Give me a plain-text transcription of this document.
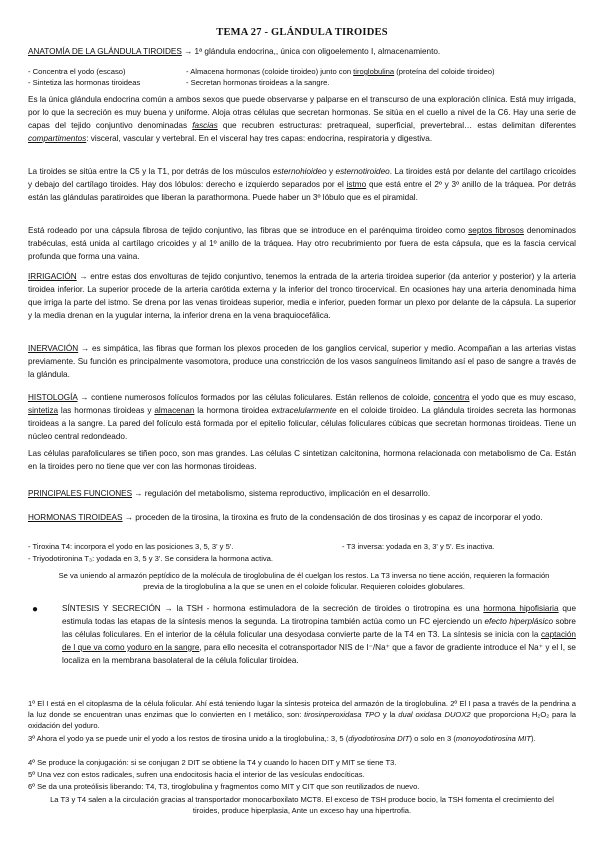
TEMA 27 - GLÁNDULA TIROIDES
ANATOMÍA DE LA GLÁNDULA TIROIDES → 1ª glándula endocrina,, única con oligoelemento I, almacenamiento.
- Concentra el yodo (escaso)	- Almacena hormonas (coloide tiroideo) junto con tiroglobulina (proteína del coloide tiroideo)
- Sintetiza las hormonas tiroideas	- Secretan hormonas tiroideas a la sangre.
Es la única glándula endocrina común a ambos sexos que puede observarse y palparse en el transcurso de una exploración clínica. Está muy irrigada, por lo que la secreción es muy buena y uniforme. Aloja otras células que secretan hormonas. Se sitúa en el cuello a nivel de la C6. Hay una serie de capas del tejido conjuntivo denominadas fascias que recubren estructuras: pretraqueal, superficial, prevertebral… estas delimitan diferentes compartimentos: visceral, vascular y vertebral. En el visceral hay tres capas: endocrina, respiratoria y digestiva.
La tiroides se sitúa entre la C5 y la T1, por detrás de los músculos esternohioideo y esternotiroideo. La tiroides está por delante del cartílago cricoides y debajo del cartílago tiroides. Hay dos lóbulos: derecho e izquierdo separados por el istmo que está entre el 2º y 3º anillo de la tráquea. Por detrás están las glándulas paratiroides que liberan la parathormona. Puede haber un 3º lóbulo que es el piramidal.
Está rodeado por una cápsula fibrosa de tejido conjuntivo, las fibras que se introduce en el parénquima tiroideo como septos fibrosos denominados trabéculas, está unida al cartílago cricoides y al 1º anillo de la tráquea. Hay otro recubrimiento por fuera de esta cápsula, que es la fascia cervical profunda que forma una vaina.
IRRIGACIÓN → entre estas dos envolturas de tejido conjuntivo, tenemos la entrada de la arteria tiroidea superior (da anterior y posterior) y la arteria tiroidea inferior. La superior procede de la arteria carótida externa y la inferior del tronco tirocervical. En ocasiones hay una arteria denominada hima que irriga la parte del istmo. Se drena por las venas tiroideas superior, media e inferior, pueden formar un plexo por delante de la cápsula. La superior y la media drenan en la yugular interna, la inferior drena en la vena braquiocefálica.
INERVACIÓN → es simpática, las fibras que forman los plexos proceden de los ganglios cervical, superior y medio. Acompañan a las arterias vistas previamente. Su función es principalmente vasomotora, produce una constricción de los vasos sanguíneos limitando así el paso de sangre a través de la glándula.
HISTOLOGÍA → contiene numerosos folículos formados por las células foliculares. Están rellenos de coloide, concentra el yodo que es muy escaso, sintetiza las hormonas tiroideas y almacenan la hormona tiroidea extracelularmente en el coloide tiroideo. La glándula tiroides secreta las hormonas tiroideas a la sangre. La pared del folículo está formada por el epitelio folicular, células foliculares cúbicas que secretan hormonas tiroideas. Tiene un núcleo central redondeado.
Las células parafoliculares se tiñen poco, son mas grandes. Las células C sintetizan calcitonina, hormona relacionada con metabolismo de Ca. Están en la tiroides pero no tiene que ver con las hormonas tiroideas.
PRINCIPALES FUNCIONES → regulación del metabolismo, sistema reproductivo, implicación en el desarrollo.
HORMONAS TIROIDEAS → proceden de la tirosina, la tiroxina es fruto de la condensación de dos tirosinas y es capaz de incorporar el yodo.
- Tiroxina T4: incorpora el yodo en las posiciones 3, 5, 3' y 5'.	- T3 inversa: yodada en 3, 3' y 5'. Es inactiva.
- Triyodotironina T₃: yodada en 3, 5 y 3'. Se considera la hormona activa.
Se va uniendo al armazón peptídico de la molécula de tiroglobulina de él cuelgan los restos. La T3 inversa no tiene acción, requieren la formación previa de la tiroglobulina a la que se unen en el coloide folicular. Requieren coloides globulares.
●	SÍNTESIS Y SECRECIÓN → la TSH - hormona estimuladora de la secreción de tiroides o tirotropina es una hormona hipofisiaria que estimula todas las etapas de la síntesis menos la segunda. La tirotropina también actúa como un FC ejerciendo un efecto hiperplásico sobre las células foliculares. En el interior de la célula folicular una desyodasa convierte parte de la T4 en T3. La síntesis se inicia con la captación de l que va como yoduro en la sangre, para ello necesita el cotransportador NIS de I⁻/Na⁺ que a favor de gradiente introduce el Na⁺ y el I, se localiza en la membrana basolateral de la célula folicular tiroidea.
1º El I está en el citoplasma de la célula folicular. Ahí está teniendo lugar la síntesis proteica del armazón de la tiroglobulina. 2º El I pasa a través de la pendrina a la luz donde se encuentran unas enzimas que lo convierten en I metálico, son: tirosinperoxidasa TPO y la dual oxidasa DUOX2 que proporciona H₂O₂ para la oxidación del yoduro.
3º Ahora el yodo ya se puede unir el yodo a los restos de tirosina unido a la tiroglobulina,: 3, 5 (diyodotirosina DIT) o solo en 3 (monoyodotirosina MIT).
4º Se produce la conjugación: si se conjugan 2 DIT se obtiene la T4 y cuando lo hacen DIT y MIT se tiene T3.
5º Una vez con estos radicales, sufren una endocitosis hacia el interior de las vesículas endocíticas.
6º Se da una proteólisis liberando: T4, T3, tiroglobulina y fragmentos como MIT y CIT que son reutilizados de nuevo.
La T3 y T4 salen a la circulación gracias al transportador monocarboxilato MCT8. El exceso de TSH produce bocio, la TSH fomenta el crecimiento del tiroides, produce hiperplasia, Ante un exceso hay una hipertrofia.
